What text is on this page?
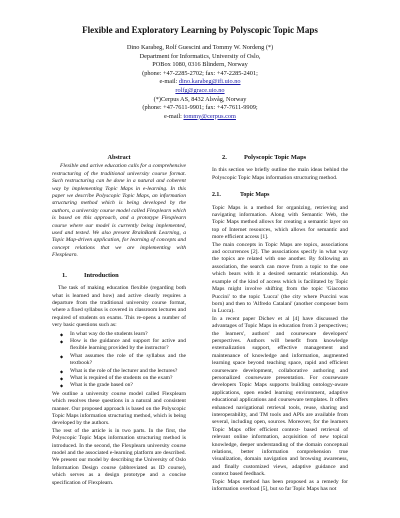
Flexible and Exploratory Learning by Polyscopic Topic Maps
Dino Karabeg, Rolf Guescini and Tommy W. Nordeng (*)
Department for Informatics, University of Oslo,
POBox 1080, 0316 Blindern, Norway
(phone: +47-2285-2702; fax: +47-2285-2401;
e-mail: dino.karabeg@ifi.uio.no
rolfg@grace.uio.no
(*)Cerpus AS, 8432 Alsvåg, Norway
(phone: +47-7611-9901; fax: +47-7611-9909;
e-mail: tommy@cerpus.com
Abstract

Flexible and active education calls for a comprehensive restructuring of the traditional university course format. Such restructuring can be done in a natural and coherent way by implementing Topic Maps in e-learning. In this paper we describe Polyscopic Topic Maps, an information structuring method which is being developed by the authors, a university course model called Flexplearn which is based on this approach, and a prototype Flexplearn course where our model is currently being implemented, used and tested. We also present BrainBank Learning, a Topic Map-driven application, for learning of concepts and concept relations that we are implementing with Flexplearn.

1.	Introduction

The task of making education flexible (regarding both what is learned and how) and active clearly requires a departure from the traditional university course format, where a fixed syllabus is covered in classroom lectures and required of students on exams. This re-opens a number of very basic questions such as:

◆ In what way do the students learn?
◆ How is the guidance and support for active and flexible learning provided by the instructor?
◆ What assumes the role of the syllabus and the textbook?
◆ What is the role of the lecturer and the lectures?
◆ What is required of the students on the exam?
◆ What is the grade based on?

We outline a university course model called Flexplearn which resolves these questions in a natural and consistent manner. Our proposed approach is based on the Polyscopic Topic Maps information structuring method, which is being developed by the authors.

The rest of the article is in two parts. In the first, the Polyscopic Topic Maps information structuring method is introduced. In the second, the Flexplearn university course model and the associated e-learning platform are described. We present our model by describing the University of Oslo Information Design course (abbreviated as ID course), which serves as a design prototype and a concise specification of Flexplearn.

2.	Polyscopic Topic Maps

In this section we briefly outline the main ideas behind the Polyscopic Topic Maps information structuring method.

2.1.	Topic Maps

Topic Maps is a method for organizing, retrieving and navigating information. Along with Semantic Web, the Topic Maps method allows for creating a semantic layer on top of Internet resources, which allows for semantic and more efficient access [1].

The main concepts in Topic Maps are topics, associations and occurrences [2]. The associations specify in what way the topics are related with one another. By following an association, the search can move from a topic to the one which bears with it a desired semantic relationship. An example of the kind of access which is facilitated by Topic Maps might involve shifting from the topic 'Giacomo Puccini' to the topic 'Lucca' (the city where Puccini was born) and then to 'Alfredo Catalani' (another composer born in Lucca).

In a recent paper Dichev et al [4] have discussed the advantages of Topic Maps in education from 3 perspectives; the learners', authors' and courseware developers' perspectives. Authors will benefit from knowledge externalization support, effective management and maintenance of knowledge and information, augmented learning space beyond teaching space, rapid and efficient courseware development, collaborative authoring and personalized courseware presentation. For courseware developers Topic Maps supports building ontology-aware applications, open ended learning environment, adaptive educational applications and courseware templates. It offers enhanced navigational retrieval tools, reuse, sharing and interoperability, and TM tools and APIs are available from several, including open, sources. Moreover, for the learners Topic Maps offer efficient context- based retrieval of relevant online information, acquisition of new topical knowledge, deeper understanding of the domain conceptual relations, better information comprehension true visualization, domain navigation and browsing awareness, and finally customized views, adaptive guidance and context based feedback.

Topic Maps method has been proposed as a remedy for information overload [5], but so far Topic Maps has not
